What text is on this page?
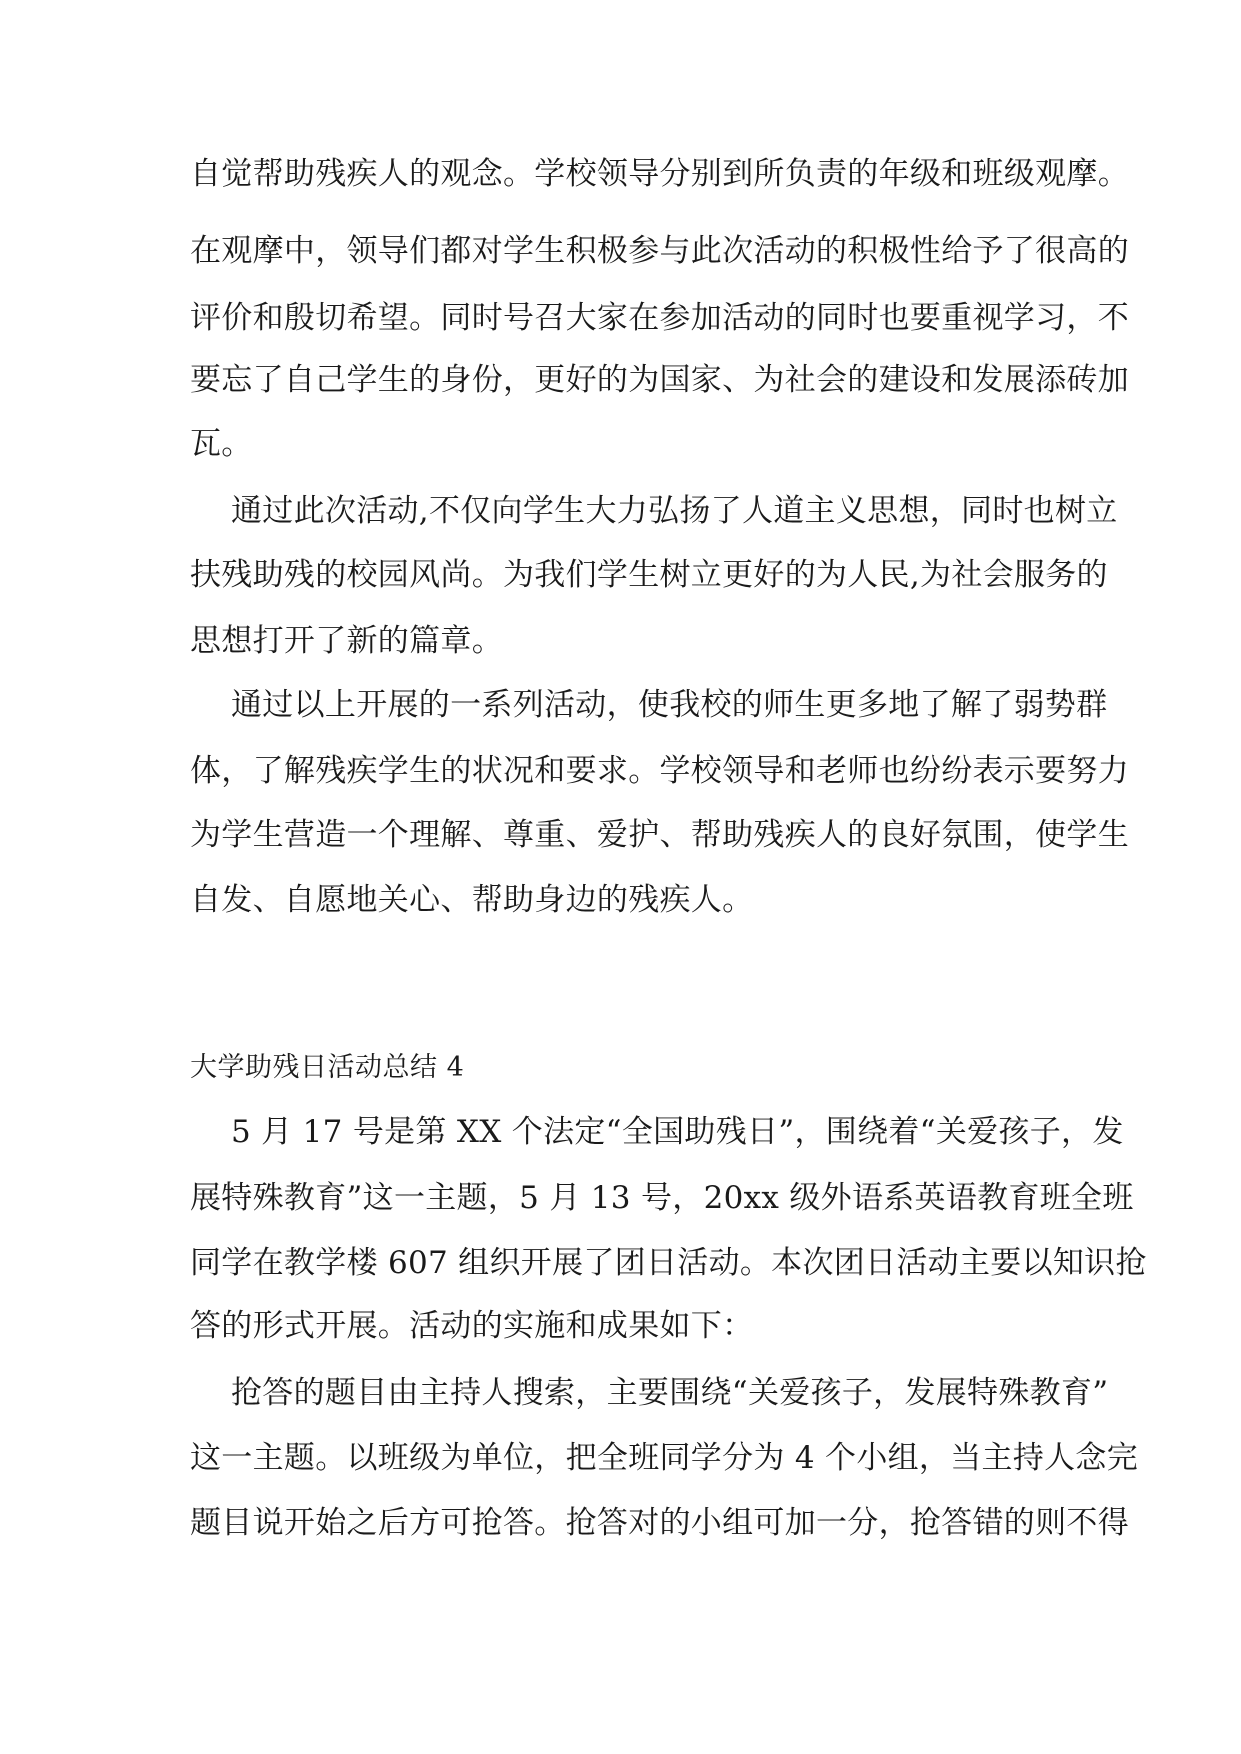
自觉帮助残疾人的观念。学校领导分别到所负责的年级和班级观摩。

在观摩中，领导们都对学生积极参与此次活动的积极性给予了很高的

评价和殷切希望。同时号召大家在参加活动的同时也要重视学习，不

要忘了自己学生的身份，更好的为国家、为社会的建设和发展添砖加

瓦。

通过此次活动,不仅向学生大力弘扬了人道主义思想，同时也树立

扶残助残的校园风尚。为我们学生树立更好的为人民,为社会服务的

思想打开了新的篇章。

通过以上开展的一系列活动，使我校的师生更多地了解了弱势群

体，了解残疾学生的状况和要求。学校领导和老师也纷纷表示要努力

为学生营造一个理解、尊重、爱护、帮助残疾人的良好氛围，使学生

自发、自愿地关心、帮助身边的残疾人。

大学助残日活动总结 4

5 月 17 号是第 XX 个法定“全国助残日”，围绕着“关爱孩子，发

展特殊教育”这一主题，5 月 13 号，20xx 级外语系英语教育班全班

同学在教学楼 607 组织开展了团日活动。本次团日活动主要以知识抢

答的形式开展。活动的实施和成果如下：

抢答的题目由主持人搜索，主要围绕“关爱孩子，发展特殊教育”

这一主题。以班级为单位，把全班同学分为 4 个小组，当主持人念完

题目说开始之后方可抢答。抢答对的小组可加一分，抢答错的则不得
